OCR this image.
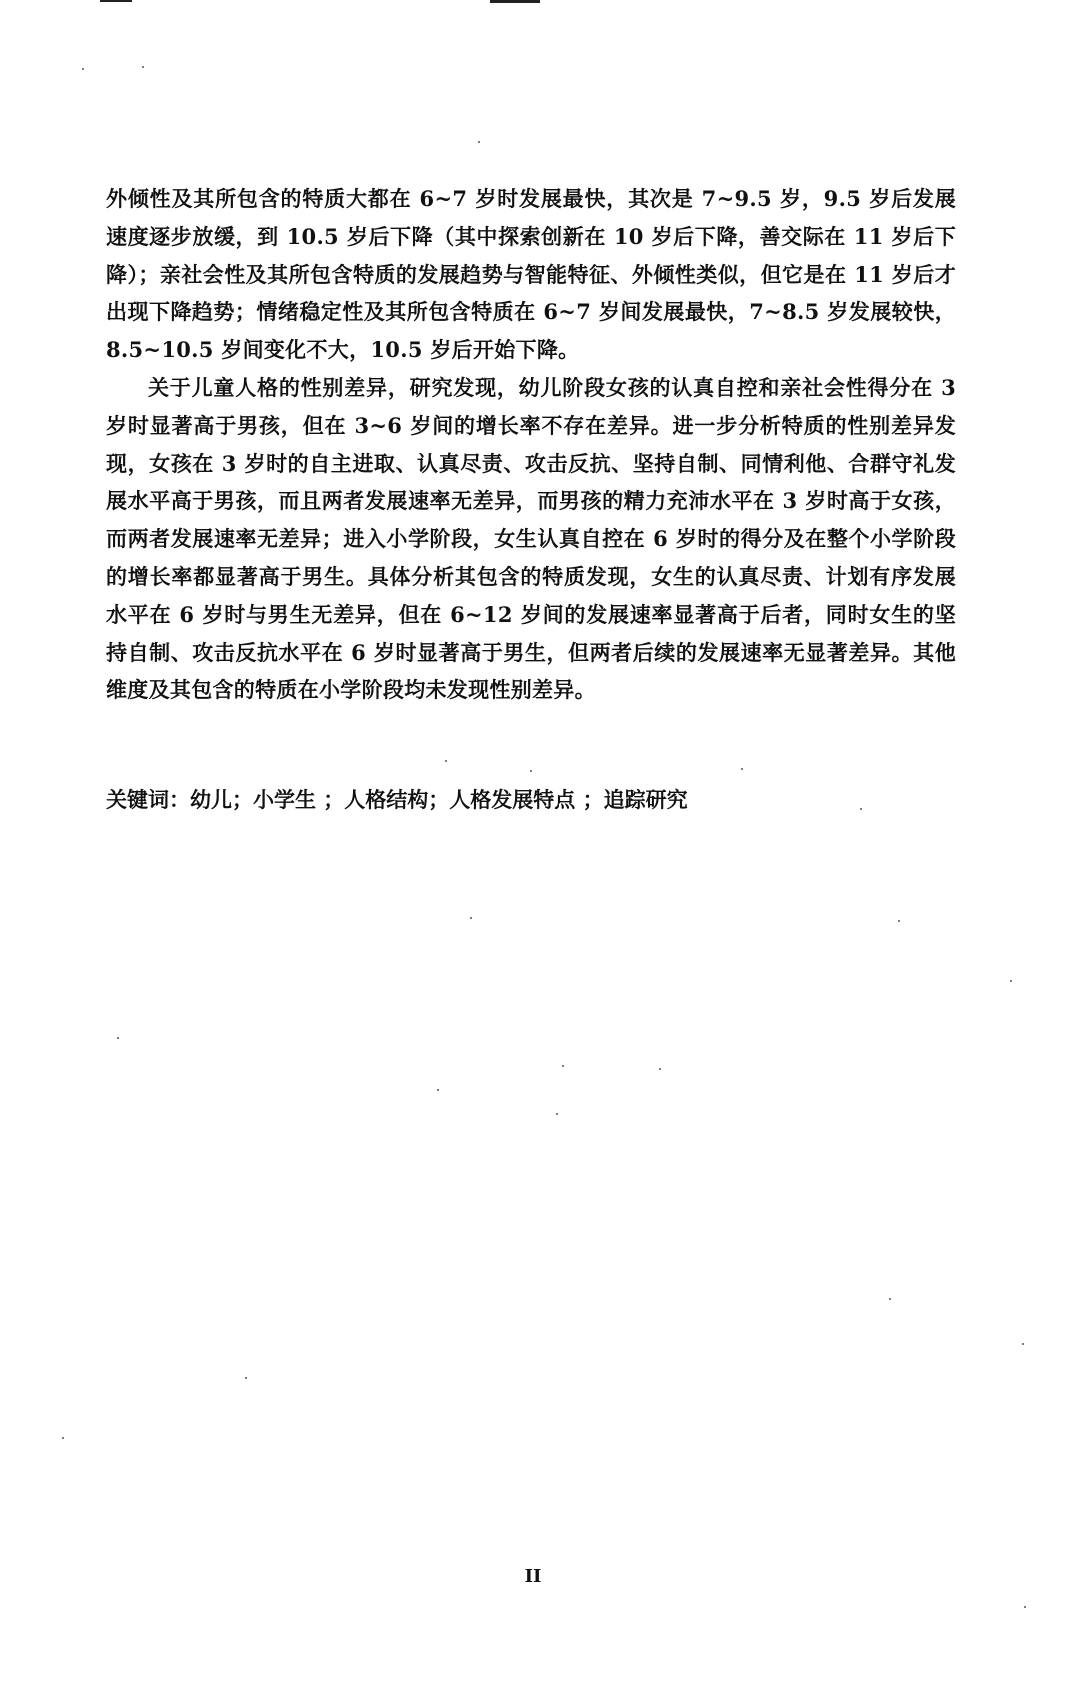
外倾性及其所包含的特质大都在 6~7 岁时发展最快，其次是 7~9.5 岁，9.5 岁后发展速度逐步放缓，到 10.5 岁后下降（其中探索创新在 10 岁后下降，善交际在 11 岁后下降）；亲社会性及其所包含特质的发展趋势与智能特征、外倾性类似，但它是在 11 岁后才出现下降趋势；情绪稳定性及其所包含特质在 6~7 岁间发展最快，7~8.5 岁发展较快，8.5~10.5 岁间变化不大，10.5 岁后开始下降。

关于儿童人格的性别差异，研究发现，幼儿阶段女孩的认真自控和亲社会性得分在 3 岁时显著高于男孩，但在 3~6 岁间的增长率不存在差异。进一步分析特质的性别差异发现，女孩在 3 岁时的自主进取、认真尽责、攻击反抗、坚持自制、同情利他、合群守礼发展水平高于男孩，而且两者发展速率无差异，而男孩的精力充沛水平在 3 岁时高于女孩，而两者发展速率无差异；进入小学阶段，女生认真自控在 6 岁时的得分及在整个小学阶段的增长率都显著高于男生。具体分析其包含的特质发现，女生的认真尽责、计划有序发展水平在 6 岁时与男生无差异，但在 6~12 岁间的发展速率显著高于后者，同时女生的坚持自制、攻击反抗水平在 6 岁时显著高于男生，但两者后续的发展速率无显著差异。其他维度及其包含的特质在小学阶段均未发现性别差异。

关键词：幼儿；小学生 ；人格结构；人格发展特点 ；追踪研究
II
